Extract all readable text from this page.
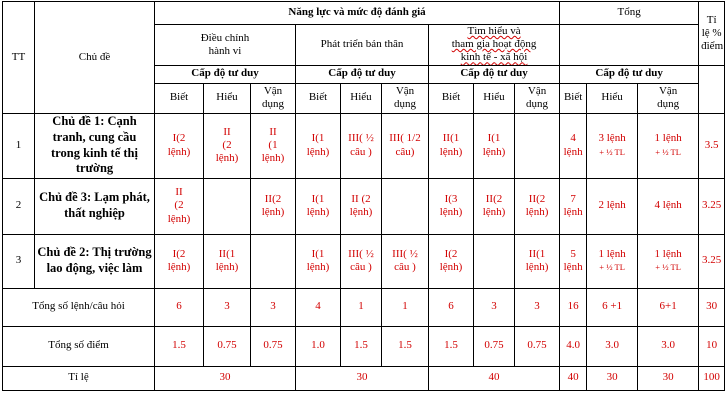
TT	Chủ đề	Năng lực và mức độ đánh giá									Tổng			Tỉ
lệ %
điểm
		Điều chỉnh
hành vi			Phát triển bản thân			Tìm hiểu và
tham gia hoạt động
kinh tế - xã hội						
		Cấp độ tư duy			Cấp độ tư duy			Cấp độ tư duy			Cấp độ tư duy			
		Biết	Hiểu	Vận
dụng	Biết	Hiểu	Vận
dụng	Biết	Hiểu	Vận
dụng	Biết	Hiểu	Vận
dụng	
1	Chủ đề 1: Cạnh tranh, cung cầu trong kinh tế thị trường	I(2
lệnh)	II
(2
lệnh)	II
(1
lệnh)	I(1
lệnh)	III( ½
câu )	III( 1/2
câu)	II(1
lệnh)	I(1
lệnh)		4
lệnh	3 lệnh
+ ½ TL	1 lệnh
+ ½ TL	3.5
2	Chủ đề 3: Lạm phát, thất nghiệp	II
(2
lệnh)		II(2
lệnh)	I(1
lệnh)	II (2
lệnh)		I(3
lệnh)	II(2
lệnh)	II(2
lệnh)	7
lệnh	2 lệnh	4 lệnh	3.25
3	Chủ đề 2: Thị trường lao động, việc làm	I(2
lệnh)	II(1
lệnh)		I(1
lệnh)	III( ½
câu )	III( ½
câu )	I(2
lệnh)		II(1
lệnh)	5
lệnh	1 lệnh
+ ½ TL	1 lệnh
+ ½ TL	3.25
Tổng số lệnh/câu hỏi		6	3	3	4	1	1	6	3	3	16	6 +1	6+1	30
Tổng số điểm		1.5	0.75	0.75	1.0	1.5	1.5	1.5	0.75	0.75	4.0	3.0	3.0	10
Tỉ lệ		30			30			40			40	30	30	100
